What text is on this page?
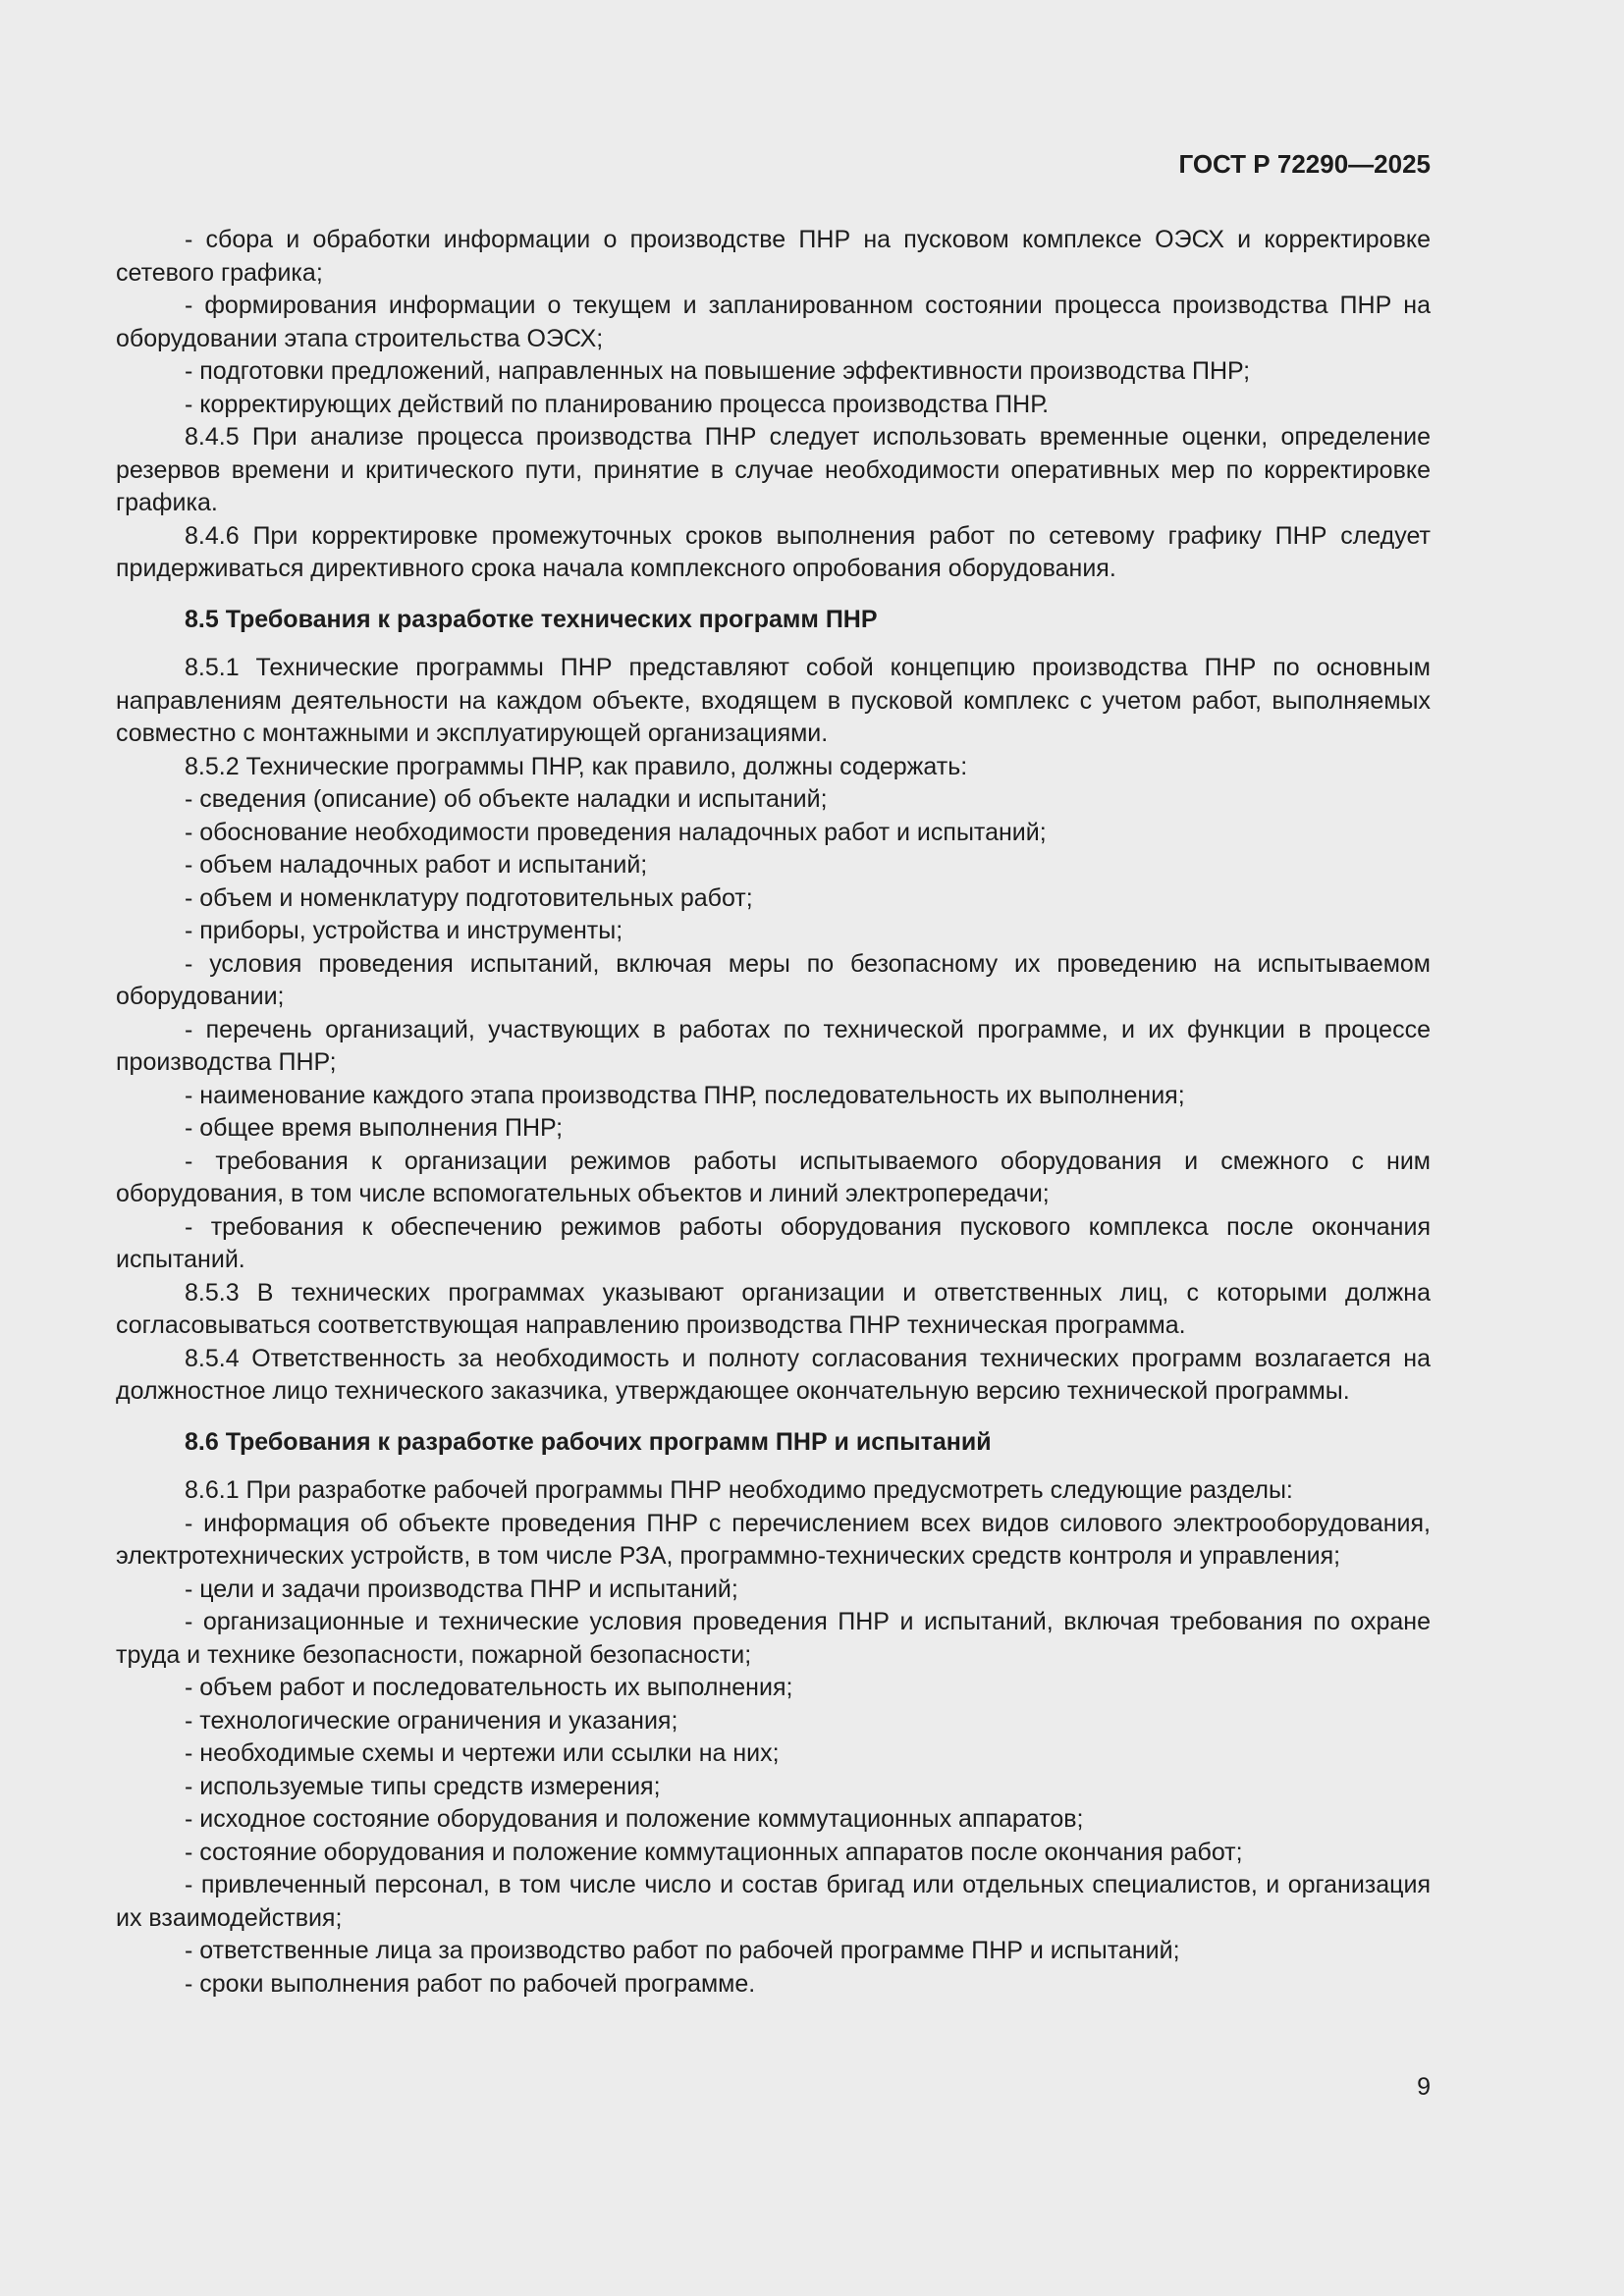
ГОСТ Р 72290—2025

- сбора и обработки информации о производстве ПНР на пусковом комплексе ОЭСХ и корректировке сетевого графика;

- формирования информации о текущем и запланированном состоянии процесса производства ПНР на оборудовании этапа строительства ОЭСХ;

- подготовки предложений, направленных на повышение эффективности производства ПНР;

- корректирующих действий по планированию процесса производства ПНР.

8.4.5 При анализе процесса производства ПНР следует использовать временные оценки, определение резервов времени и критического пути, принятие в случае необходимости оперативных мер по корректировке графика.

8.4.6 При корректировке промежуточных сроков выполнения работ по сетевому графику ПНР следует придерживаться директивного срока начала комплексного опробования оборудования.

8.5 Требования к разработке технических программ ПНР

8.5.1 Технические программы ПНР представляют собой концепцию производства ПНР по основным направлениям деятельности на каждом объекте, входящем в пусковой комплекс с учетом работ, выполняемых совместно с монтажными и эксплуатирующей организациями.

8.5.2 Технические программы ПНР, как правило, должны содержать:

- сведения (описание) об объекте наладки и испытаний;

- обоснование необходимости проведения наладочных работ и испытаний;

- объем наладочных работ и испытаний;

- объем и номенклатуру подготовительных работ;

- приборы, устройства и инструменты;

- условия проведения испытаний, включая меры по безопасному их проведению на испытываемом оборудовании;

- перечень организаций, участвующих в работах по технической программе, и их функции в процессе производства ПНР;

- наименование каждого этапа производства ПНР, последовательность их выполнения;

- общее время выполнения ПНР;

- требования к организации режимов работы испытываемого оборудования и смежного с ним оборудования, в том числе вспомогательных объектов и линий электропередачи;

- требования к обеспечению режимов работы оборудования пускового комплекса после окончания испытаний.

8.5.3 В технических программах указывают организации и ответственных лиц, с которыми должна согласовываться соответствующая направлению производства ПНР техническая программа.

8.5.4 Ответственность за необходимость и полноту согласования технических программ возлагается на должностное лицо технического заказчика, утверждающее окончательную версию технической программы.

8.6 Требования к разработке рабочих программ ПНР и испытаний

8.6.1 При разработке рабочей программы ПНР необходимо предусмотреть следующие разделы:

- информация об объекте проведения ПНР с перечислением всех видов силового электрооборудования, электротехнических устройств, в том числе РЗА, программно-технических средств контроля и управления;

- цели и задачи производства ПНР и испытаний;

- организационные и технические условия проведения ПНР и испытаний, включая требования по охране труда и технике безопасности, пожарной безопасности;

- объем работ и последовательность их выполнения;

- технологические ограничения и указания;

- необходимые схемы и чертежи или ссылки на них;

- используемые типы средств измерения;

- исходное состояние оборудования и положение коммутационных аппаратов;

- состояние оборудования и положение коммутационных аппаратов после окончания работ;

- привлеченный персонал, в том числе число и состав бригад или отдельных специалистов, и организация их взаимодействия;

- ответственные лица за производство работ по рабочей программе ПНР и испытаний;

- сроки выполнения работ по рабочей программе.

9
